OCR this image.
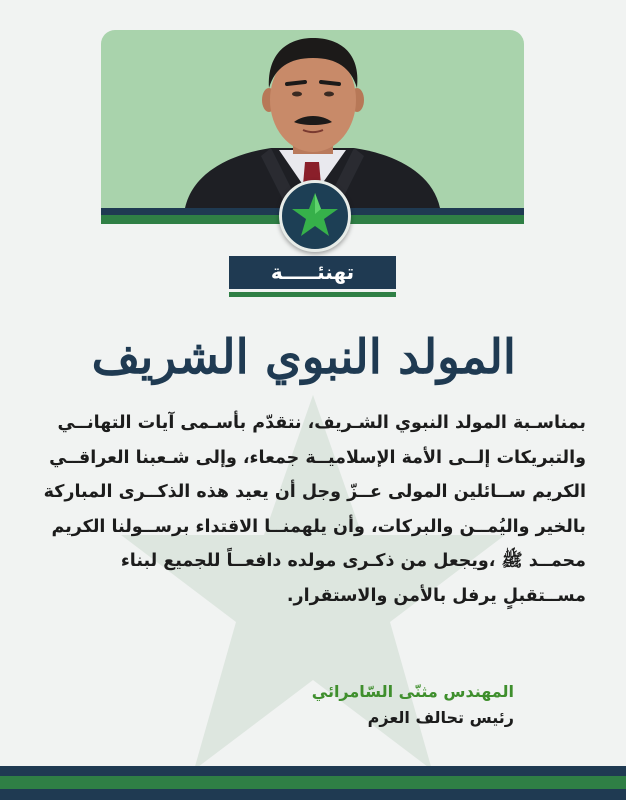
تهنئـــــة
المولد النبوي الشريف

بمناسـبة المولد النبوي الشـريف، نتقدّم بأسـمى آيات التهانــي والتبريكات إلــى الأمة الإسلاميــة جمعاء، وإلى شـعبنا العراقــي الكريم ســائلين المولى عــزّ وجل أن يعيد هذه الذكــرى المباركة بالخير واليُمــن والبركات، وأن يلهمنــا الاقتداء برســولنا الكريم محمــد ﷺ ،ويجعل من ذكـرى مولده دافعــاً للجميع لبناء مســتقبلٍ يرفل بالأمن والاستقرار.

المهندس مثنّى السّامرائي
رئيس تحالف العزم
